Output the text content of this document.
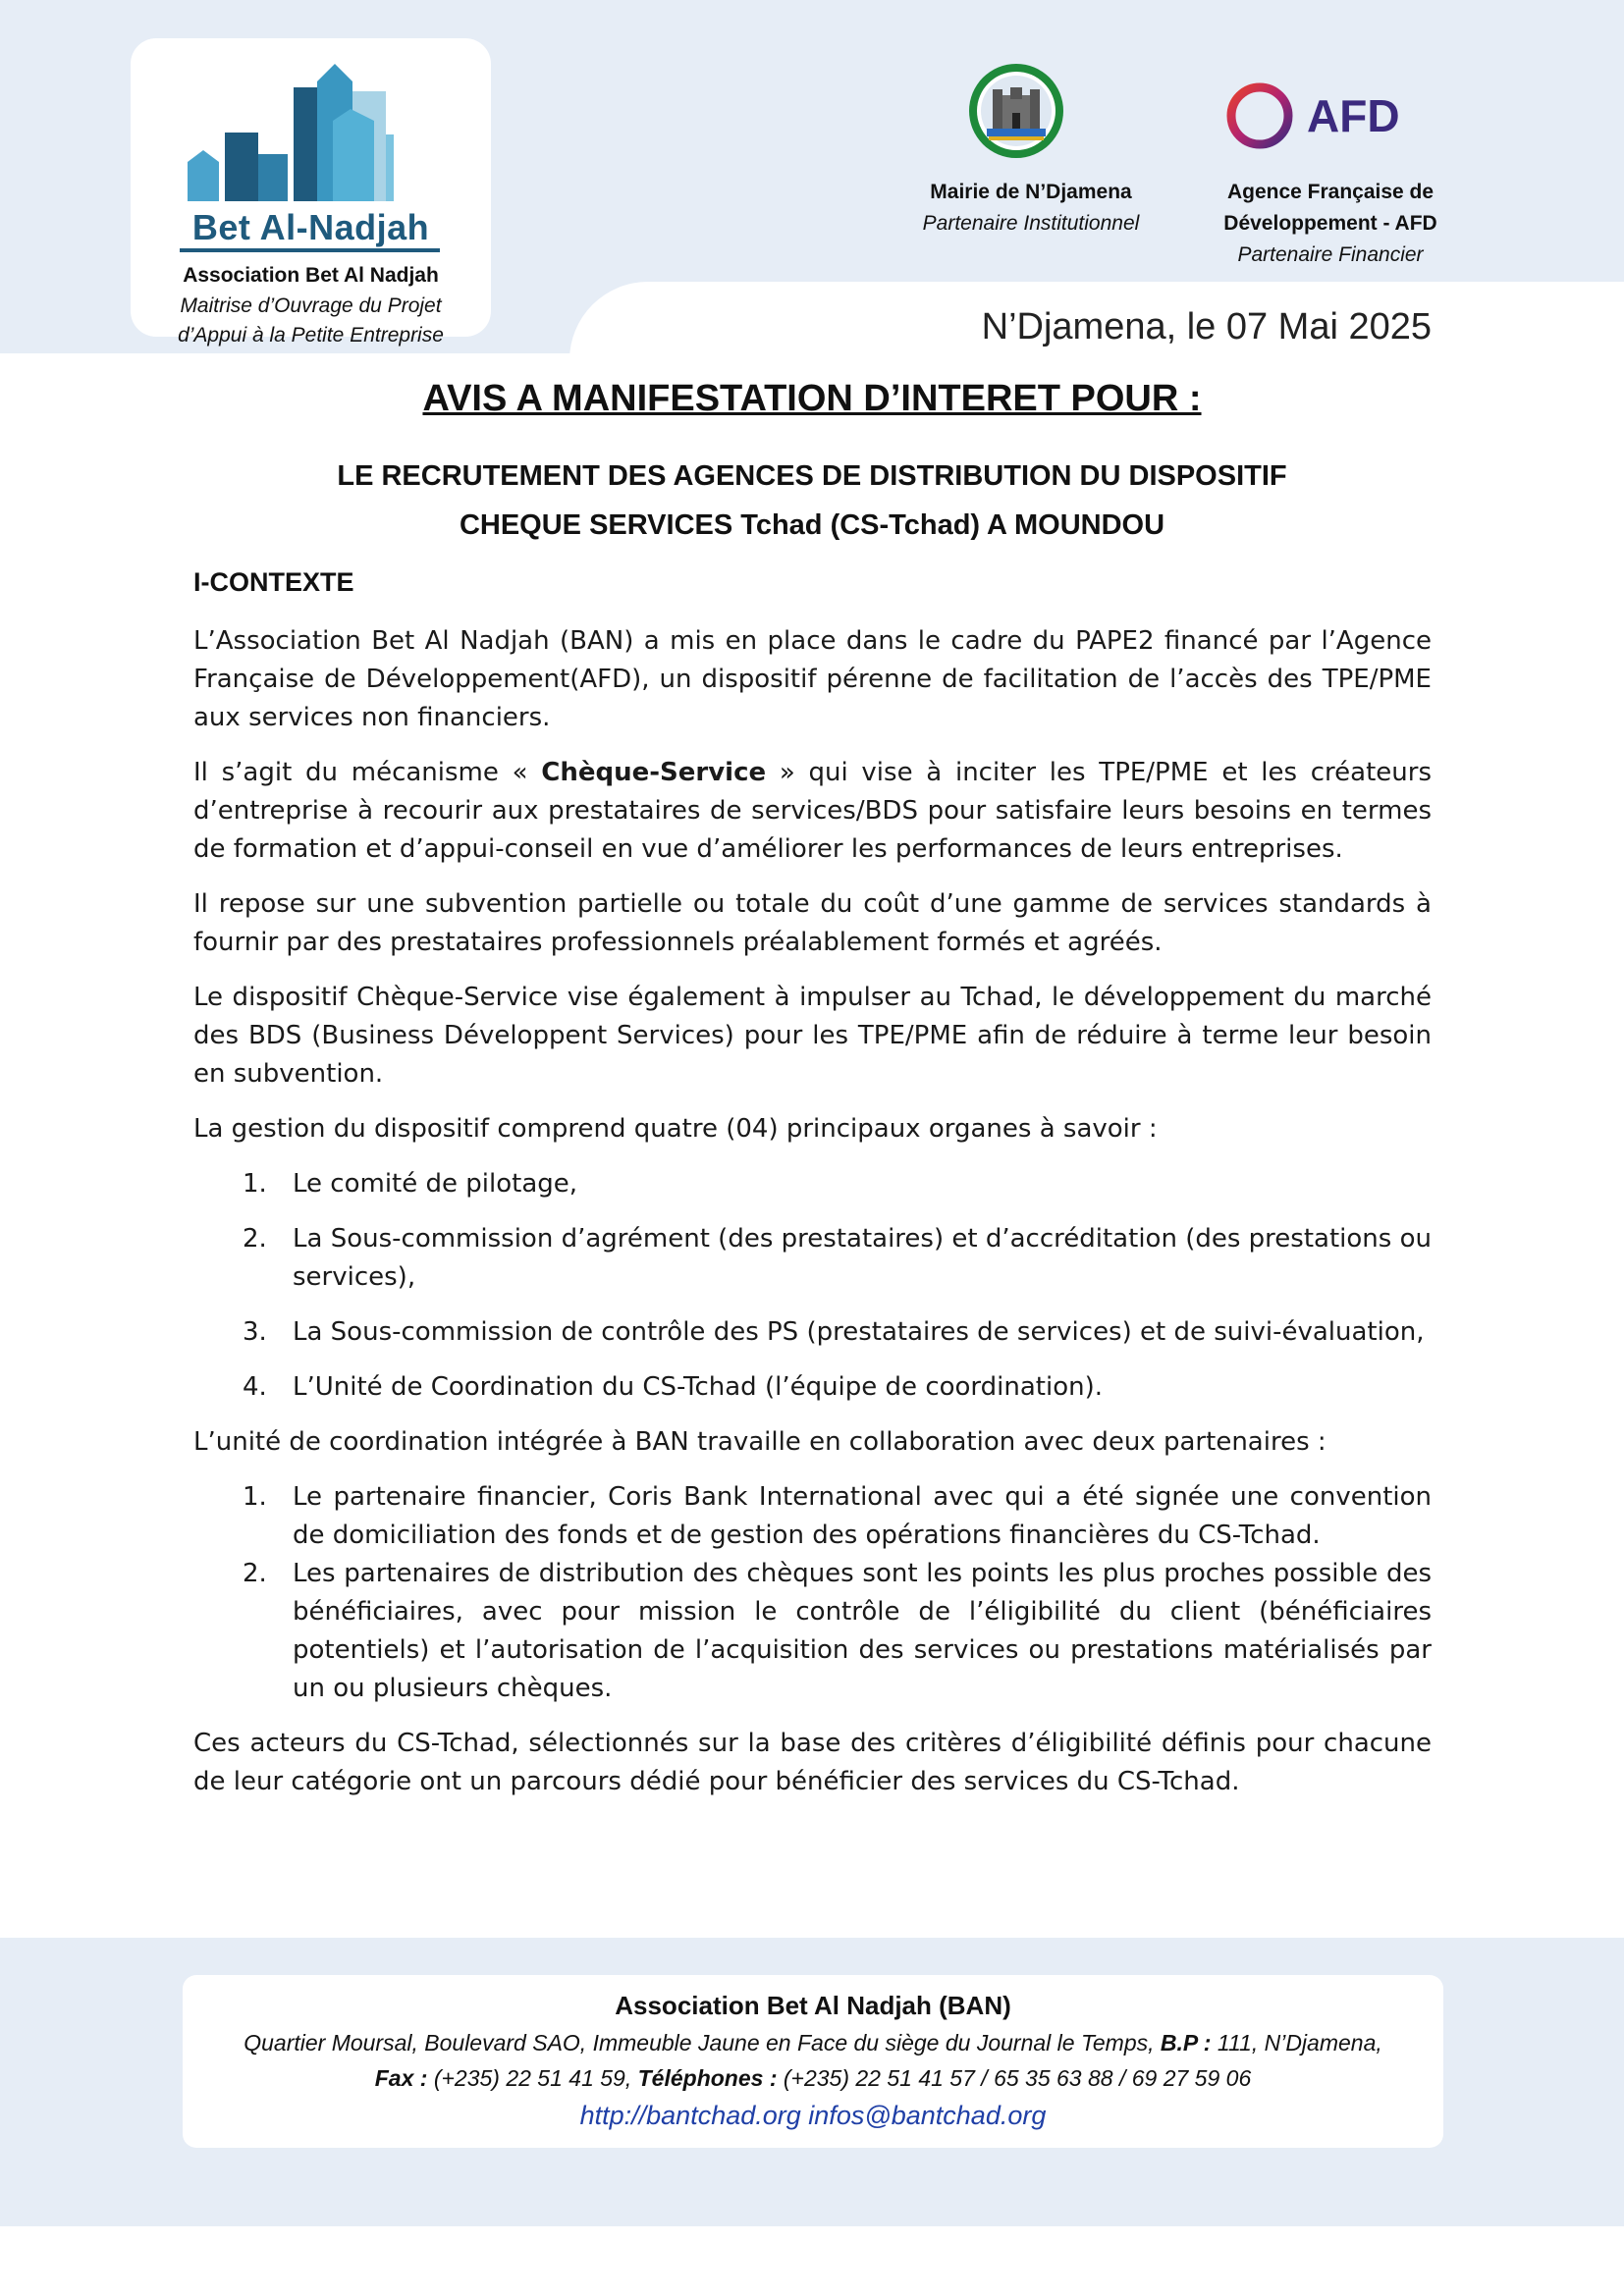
Bet Al-Nadjah
Association Bet Al Nadjah
Maitrise d’Ouvrage du Projet
d’Appui à la Petite Entreprise
Mairie de N’Djamena
Partenaire Institutionnel
AFD
Agence Française de
Développement - AFD
Partenaire Financier
N’Djamena, le 07 Mai 2025
AVIS A MANIFESTATION D’INTERET POUR :
LE RECRUTEMENT DES AGENCES DE DISTRIBUTION DU DISPOSITIF
CHEQUE SERVICES Tchad (CS-Tchad) A MOUNDOU
I-CONTEXTE

L’Association Bet Al Nadjah (BAN) a mis en place dans le cadre du PAPE2 financé par l’Agence Française de Développement(AFD), un dispositif pérenne de facilitation de l’accès des TPE/PME aux services non financiers.

Il s’agit du mécanisme « Chèque-Service » qui vise à inciter les TPE/PME et les créateurs d’entreprise à recourir aux prestataires de services/BDS pour satisfaire leurs besoins en termes de formation et d’appui-conseil en vue d’améliorer les performances de leurs entreprises.

Il repose sur une subvention partielle ou totale du coût d’une gamme de services standards à fournir par des prestataires professionnels préalablement formés et agréés.

Le dispositif Chèque-Service vise également à impulser au Tchad, le développement du marché des BDS (Business Développent Services) pour les TPE/PME afin de réduire à terme leur besoin en subvention.

La gestion du dispositif comprend quatre (04) principaux organes à savoir :

1. Le comité de pilotage,
2. La Sous-commission d’agrément (des prestataires) et d’accréditation (des prestations ou services),
3. La Sous-commission de contrôle des PS (prestataires de services) et de suivi-évaluation,
4. L’Unité de Coordination du CS-Tchad (l’équipe de coordination).

L’unité de coordination intégrée à BAN travaille en collaboration avec deux partenaires :

1. Le partenaire financier, Coris Bank International avec qui a été signée une convention de domiciliation des fonds et de gestion des opérations financières du CS-Tchad.
2. Les partenaires de distribution des chèques sont les points les plus proches possible des bénéficiaires, avec pour mission le contrôle de l’éligibilité du client (bénéficiaires potentiels) et l’autorisation de l’acquisition des services ou prestations matérialisés par un ou plusieurs chèques.

Ces acteurs du CS-Tchad, sélectionnés sur la base des critères d’éligibilité définis pour chacune de leur catégorie ont un parcours dédié pour bénéficier des services du CS-Tchad.

Association Bet Al Nadjah (BAN)
Quartier Moursal, Boulevard SAO, Immeuble Jaune en Face du siège du Journal le Temps, B.P : 111, N’Djamena,
Fax : (+235) 22 51 41 59, Téléphones : (+235) 22 51 41 57 / 65 35 63 88 / 69 27 59 06
http://bantchad.org infos@bantchad.org
